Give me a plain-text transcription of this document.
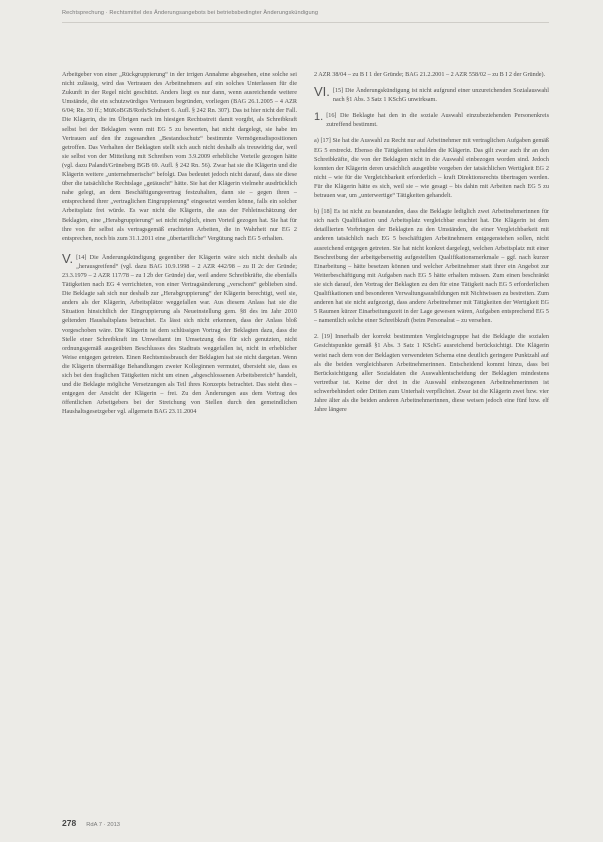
Rechtsprechung · Rechtsmittel des Änderungsangebots bei betriebsbedingter Änderungskündigung

Arbeitgeber von einer „Rückgruppierung“ in der irrigen Annahme abgesehen, eine solche sei nicht zulässig, wird das Vertrauen des Arbeitnehmers auf ein solches Unterlassen für die Zukunft in der Regel nicht geschützt. Anders liegt es nur dann, wenn ausreichende weitere Umstände, die ein schutzwürdiges Vertrauen begründen, vorliegen (BAG 26.1.2005 – 4 AZR 6/04; Rn. 30 ff.; MüKoBGB/Roth/Schubert 6. Aufl. § 242 Rn. 307). Das ist hier nicht der Fall. Die Klägerin, die im Übrigen nach im hiesigen Rechtsstreit damit vorgibt, als Schreibkraft selbst bei der Beklagten wenn mit EG 5 zu bewerten, hat nicht dargelegt, sie habe im Vertrauen auf den ihr zugesandten „Bestandsschutz“ bestimmte Vermögensdispositionen getroffen. Das Verhalten der Beklagten stellt sich auch nicht deshalb als treuwidrig dar, weil sie selbst von der Mitteilung mit Schreiben vom 3.9.2009 erhebliche Vorteile gezogen hätte (vgl. dazu Palandt/Grüneberg BGB 69. Aufl. § 242 Rn. 56). Zwar hat sie die Klägerin und die Klägerin weitere „unternehmerische“ befolgt. Das bedeutet jedoch nicht darauf, dass sie diese über die tatsächliche Rechtslage „getäuscht“ hätte. Sie hat der Klägerin vielmehr ausdrücklich nahe gelegt, an dem Beschäftigungsvertrag festzuhalten, dann sie – gegen ihren – entsprechend ihrer „vertraglichen Eingruppierung“ eingesetzt werden könne, falls ein solcher Arbeitsplatz frei würde. Es war nicht die Klägerin, die aus der Fehleinschätzung der Beklagten, eine „Herabgruppierung“ sei nicht möglich, einen Vorteil gezogen hat. Sie hat für ihre von ihr selbst als vertragsgemäß erachteten Arbeiten, die in Wahrheit nur EG 2 entsprechen, noch bis zum 31.1.2011 eine „übertarifliche“ Vergütung nach EG 5 erhalten.

V. [14] Die Änderungskündigung gegenüber der Klägerin wäre sich nicht deshalb als „herausgreifend“ (vgl. dazu BAG 10.9.1998 – 2 AZR 442/98 – zu II 2c der Gründe; 23.3.1979 – 2 AZR 117/78 – zu I 2b der Gründe) dar, weil andere Schreibkräfte, die ebenfalls Tätigkeiten nach EG 4 verrichteten, von einer Vertragsänderung „verschont“ geblieben sind. Die Beklagte sah sich nur deshalb zur „Herabgruppierung“ der Klägerin berechtigt, weil sie, anders als der Klägerin, Arbeitsplätze weggefallen war. Aus diesem Anlass hat sie die Situation hinsichtlich der Eingruppierung als Neueinstellung gem. §8 des im Jahr 2010 geltenden Haushaltsplans betrachtet. Es lässt sich nicht erkennen, dass der Anlass bloß vorgeschoben wäre. Die Klägerin ist dem schlüssigen Vortrag der Beklagten dazu, dass die Stelle einer Schreibkraft im Umweltamt im Umsetzung des für sich genutzten, nicht ordnungsgemäß ausgeübten Beschlusses des Stadtrats weggefallen ist, nicht in erheblicher Weise entgegen getreten. Einen Rechtsmissbrauch der Beklagten hat sie nicht dargetan. Wenn die Klägerin übermäßige Behandlungen zweier Kolleginnen vermutet, übersieht sie, dass es sich bei den fraglichen Tätigkeiten nicht um einen „abgeschlossenen Arbeitsbereich“ handelt, und die Beklagte mögliche Versetzungen als Teil ihres Konzepts betrachtet. Das steht dies – entgegen der Ansicht der Klägerin – frei. Zu den Änderungen aus dem Vortrag des öffentlichen Arbeitgebers bei der Streichung von Stellen durch den gemeindlichen Haushaltsgesetzgeber vgl. allgemein BAG 23.11.2004

2 AZR 38/04 – zu B I 1 der Gründe; BAG 21.2.2001 – 2 AZR 558/02 – zu B I 2 der Gründe).

VI. [15] Die Änderungskündigung ist nicht aufgrund einer unzureichenden Sozialauswahl nach §1 Abs. 3 Satz 1 KSchG unwirksam.

1. [16] Die Beklagte hat den in die soziale Auswahl einzubeziehenden Personenkreis zutreffend bestimmt.

a) [17] Sie hat die Auswahl zu Recht nur auf Arbeitnehmer mit vertraglichen Aufgaben gemäß EG 5 erstreckt. Ebenso die Tätigkeiten schulden die Klägerin. Das gilt zwar auch ihr an den Schreibkräfte, die von der Beklagten nicht in die Auswahl einbezogen worden sind. Jedoch konnten der Klägerin deren ursächlich ausgeübte vorgeben der tatsächlichen Wertigkeit EG 2 nicht – wie für die Vergleichbarkeit erforderlich – kraft Direktionsrechts übertragen werden. Für die Klägerin hätte es sich, weil sie – wie gesagt – bis dahin mit Arbeiten nach EG 5 zu betrauen war, um „unterwertige“ Tätigkeiten gehandelt.

b) [18] Es ist nicht zu beanstanden, dass die Beklagte lediglich zwei Arbeitnehmerinnen für sich nach Qualifikation und Arbeitsplatz vergleichbar erachtet hat. Die Klägerin ist dem detaillierten Vorbringen der Beklagten zu den Umständen, die einer Vergleichbarkeit mit anderen tatsächlich nach EG 5 beschäftigten Arbeitnehmern entgegenstehen sollen, nicht ausreichend entgegen getreten. Sie hat nicht konkret dargelegt, welchen Arbeitsplatz mit einer Beschreibung der arbeitgeberseitig aufgestellten Qualifikationsmerkmale – ggf. nach kurzer Einarbeitung – hätte besetzen können und welcher Arbeitnehmer statt ihrer ein Angebot zur Weiterbeschäftigung mit Aufgaben nach EG 5 hätte erhalten müssen. Zum einen beschränkt sie sich darauf, den Vortrag der Beklagten zu den für eine Tätigkeit nach EG 5 erforderlichen Qualifikationen und besonderen Verwaltungsausbildungen mit Nichtwissen zu bestreiten. Zum anderen hat sie nicht aufgezeigt, dass andere Arbeitnehmer mit Tätigkeiten der Wertigkeit EG 5 Raumen kürzer Einarbeitungszeit in der Lage gewesen wären, Aufgaben entsprechend EG 5 – namentlich solche einer Schreibkraft (beim Personalrat – zu versehen.

2. [19] Innerhalb der korrekt bestimmten Vergleichsgruppe hat die Beklagte die sozialen Gesichtspunkte gemäß §1 Abs. 3 Satz 1 KSchG ausreichend berücksichtigt. Die Klägerin weist nach dem von der Beklagten verwendeten Schema eine deutlich geringere Punktzahl auf als die beiden vergleichbaren Arbeitnehmerinnen. Entscheidend kommt hinzu, dass bei Berücksichtigung aller Sozialdaten die Auswahlentscheidung der Beklagten mindestens vertretbar ist. Keine der drei in die Auswahl einbezogenen Arbeitnehmerinnen ist schwerbehindert oder Dritten zum Unterhalt verpflichtet. Zwar ist die Klägerin zwei bzw. vier Jahre älter als die beiden anderen Arbeitnehmerinnen, diese weisen jedoch eine fünf bzw. elf Jahre längere

278 RdA 7 · 2013
